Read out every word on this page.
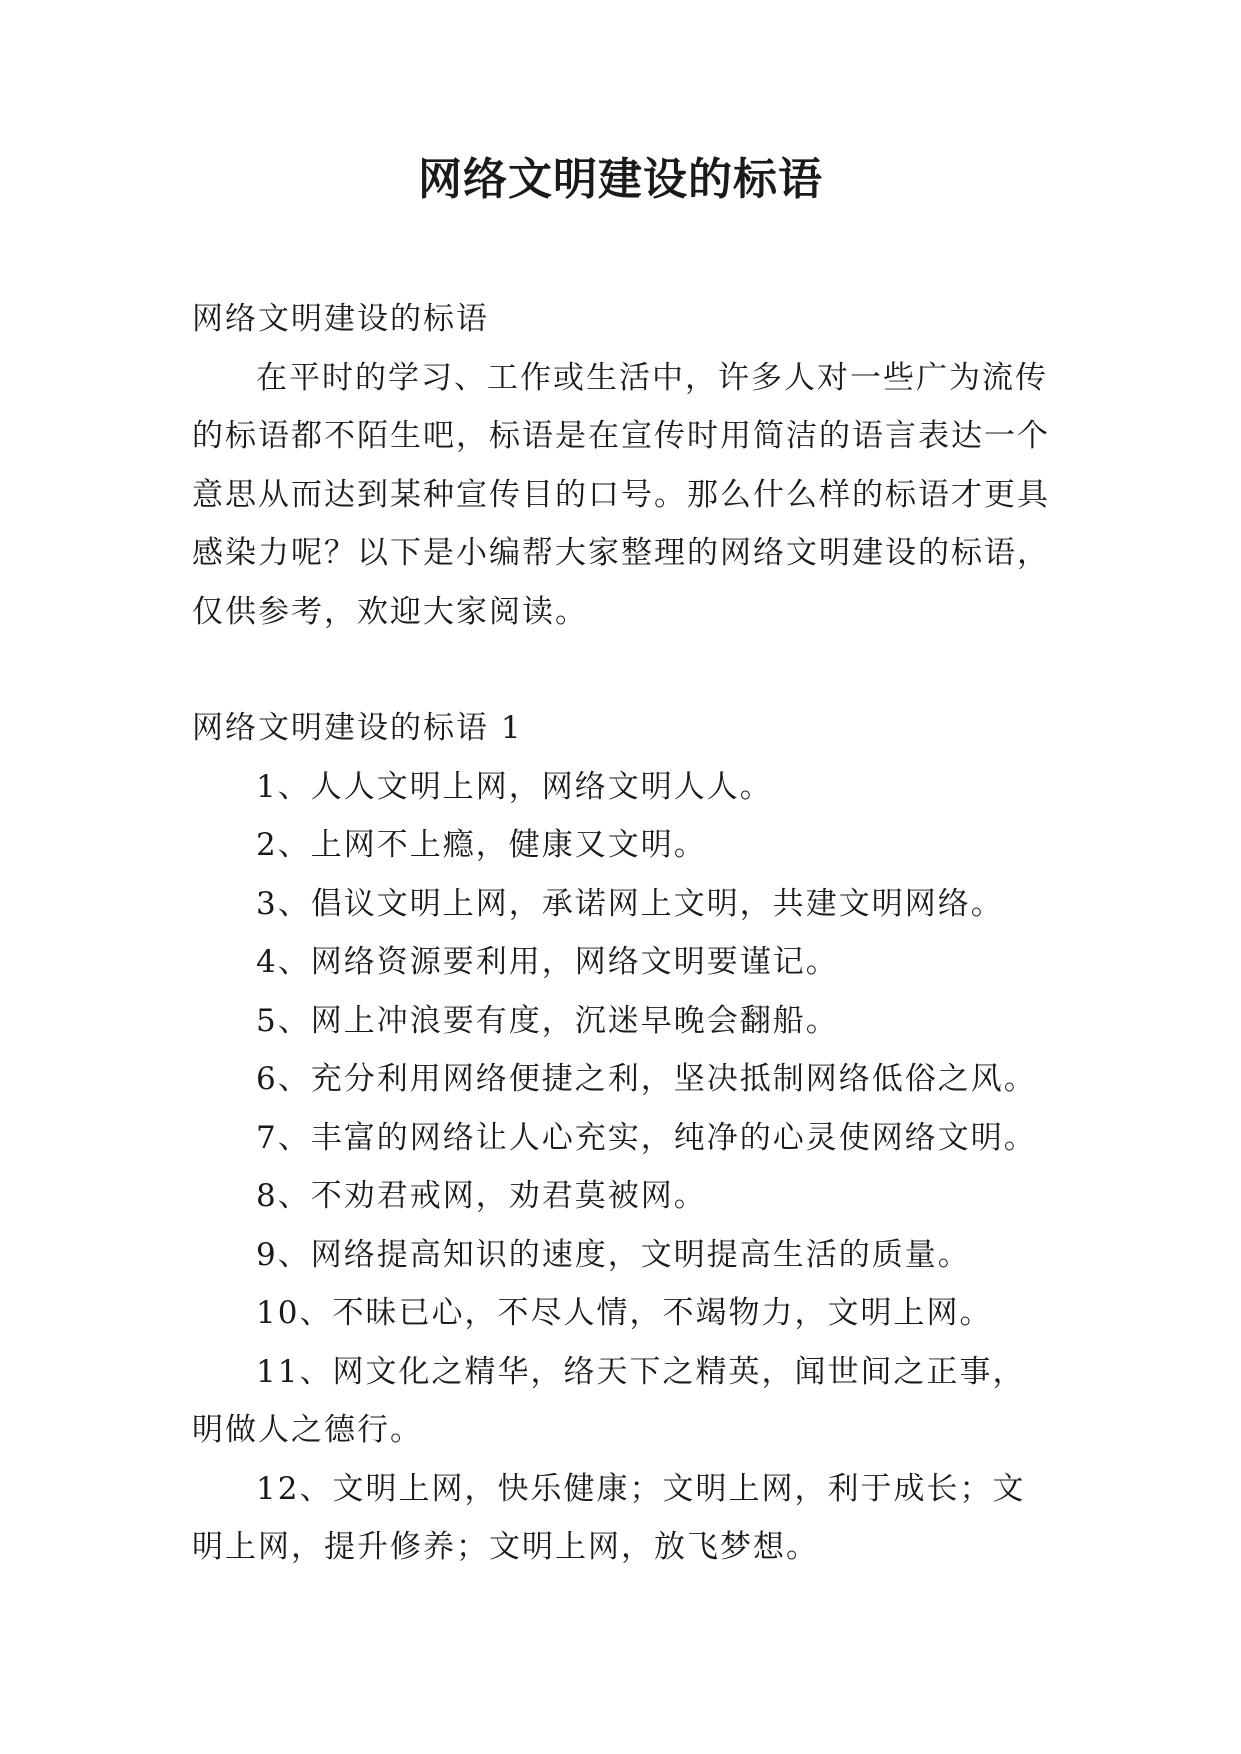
网络文明建设的标语

网络文明建设的标语

在平时的学习、工作或生活中，许多人对一些广为流传的标语都不陌生吧，标语是在宣传时用简洁的语言表达一个意思从而达到某种宣传目的口号。那么什么样的标语才更具感染力呢？以下是小编帮大家整理的网络文明建设的标语，仅供参考，欢迎大家阅读。

网络文明建设的标语 1

1、人人文明上网，网络文明人人。

2、上网不上瘾，健康又文明。

3、倡议文明上网，承诺网上文明，共建文明网络。

4、网络资源要利用，网络文明要谨记。

5、网上冲浪要有度，沉迷早晚会翻船。

6、充分利用网络便捷之利，坚决抵制网络低俗之风。

7、丰富的网络让人心充实，纯净的心灵使网络文明。

8、不劝君戒网，劝君莫被网。

9、网络提高知识的速度，文明提高生活的质量。

10、不昧已心，不尽人情，不竭物力，文明上网。

11、网文化之精华，络天下之精英，闻世间之正事，明做人之德行。

12、文明上网，快乐健康；文明上网，利于成长；文明上网，提升修养；文明上网，放飞梦想。
